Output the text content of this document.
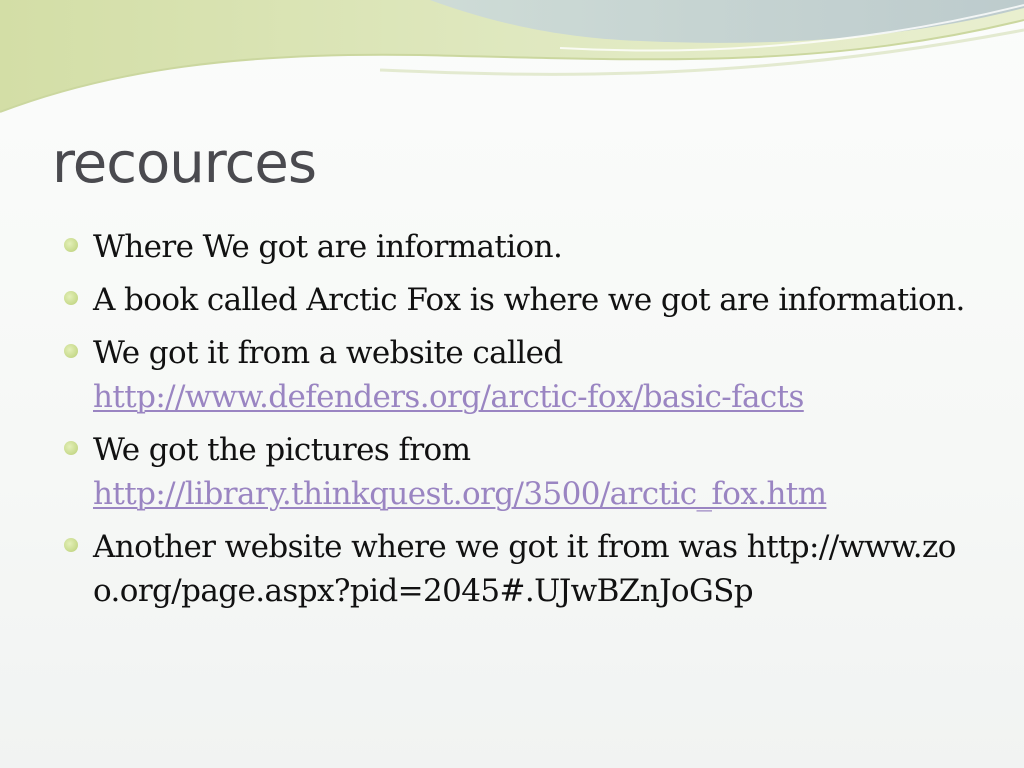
recources
Where We got are information.
A book called Arctic Fox is where we got are information.
We got it from a website called
http://www.defenders.org/arctic-fox/basic-facts
We got the pictures from
http://library.thinkquest.org/3500/arctic_fox.htm
Another website where we got it from was http://www.zoo.org/page.aspx?pid=2045#.UJwBZnJoGSp
